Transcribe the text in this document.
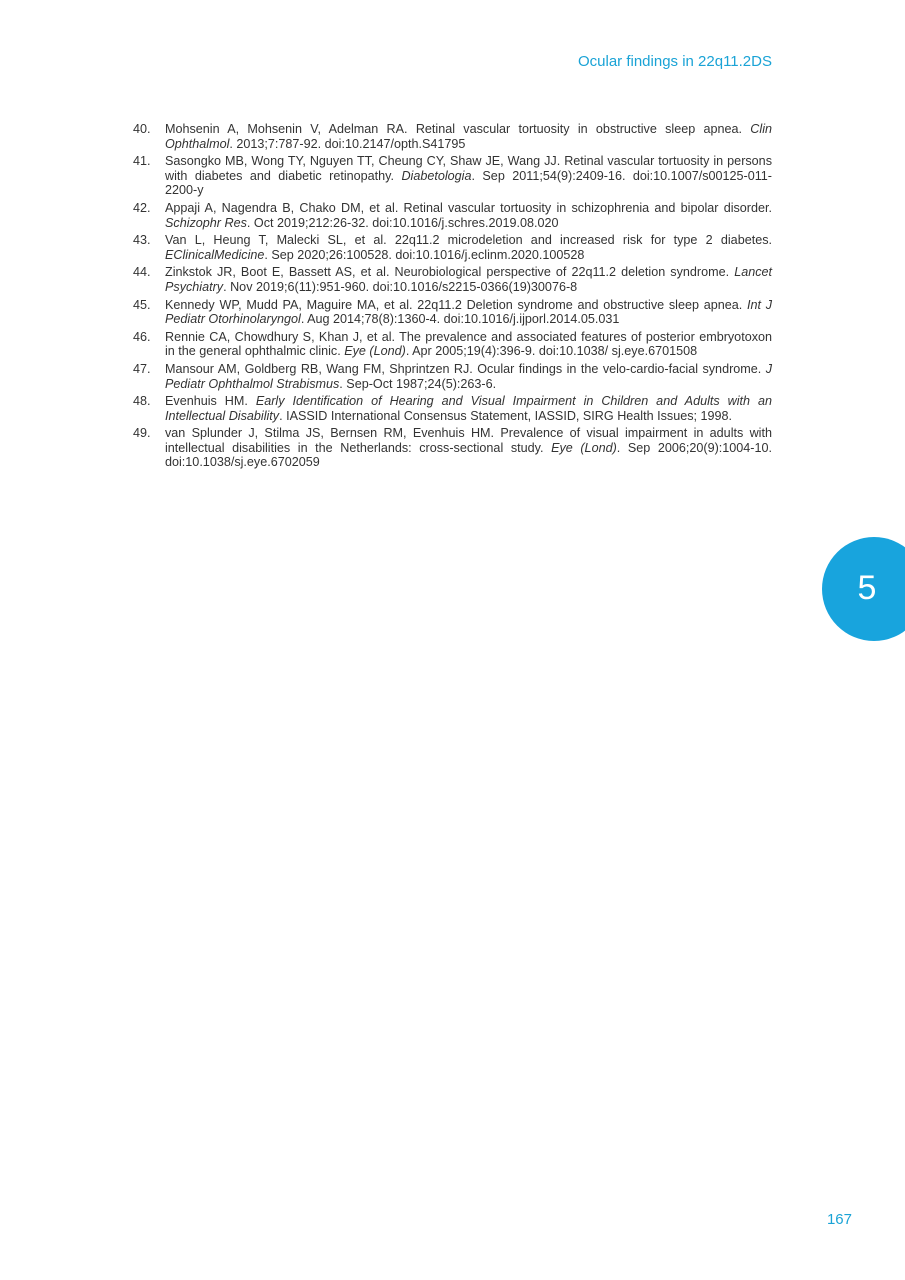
Ocular findings in 22q11.2DS
40. Mohsenin A, Mohsenin V, Adelman RA. Retinal vascular tortuosity in obstructive sleep apnea. Clin Ophthalmol. 2013;7:787-92. doi:10.2147/opth.S41795
41. Sasongko MB, Wong TY, Nguyen TT, Cheung CY, Shaw JE, Wang JJ. Retinal vascular tortuosity in persons with diabetes and diabetic retinopathy. Diabetologia. Sep 2011;54(9):2409-16. doi:10.1007/s00125-011-2200-y
42. Appaji A, Nagendra B, Chako DM, et al. Retinal vascular tortuosity in schizophrenia and bipolar disorder. Schizophr Res. Oct 2019;212:26-32. doi:10.1016/j.schres.2019.08.020
43. Van L, Heung T, Malecki SL, et al. 22q11.2 microdeletion and increased risk for type 2 diabetes. EClinicalMedicine. Sep 2020;26:100528. doi:10.1016/j.eclinm.2020.100528
44. Zinkstok JR, Boot E, Bassett AS, et al. Neurobiological perspective of 22q11.2 deletion syndrome. Lancet Psychiatry. Nov 2019;6(11):951-960. doi:10.1016/s2215-0366(19)30076-8
45. Kennedy WP, Mudd PA, Maguire MA, et al. 22q11.2 Deletion syndrome and obstructive sleep apnea. Int J Pediatr Otorhinolaryngol. Aug 2014;78(8):1360-4. doi:10.1016/j.ijporl.2014.05.031
46. Rennie CA, Chowdhury S, Khan J, et al. The prevalence and associated features of posterior embryotoxon in the general ophthalmic clinic. Eye (Lond). Apr 2005;19(4):396-9. doi:10.1038/ sj.eye.6701508
47. Mansour AM, Goldberg RB, Wang FM, Shprintzen RJ. Ocular findings in the velo-cardio-facial syndrome. J Pediatr Ophthalmol Strabismus. Sep-Oct 1987;24(5):263-6.
48. Evenhuis HM. Early Identification of Hearing and Visual Impairment in Children and Adults with an Intellectual Disability. IASSID International Consensus Statement, IASSID, SIRG Health Issues; 1998.
49. van Splunder J, Stilma JS, Bernsen RM, Evenhuis HM. Prevalence of visual impairment in adults with intellectual disabilities in the Netherlands: cross-sectional study. Eye (Lond). Sep 2006;20(9):1004-10. doi:10.1038/sj.eye.6702059
5
167
